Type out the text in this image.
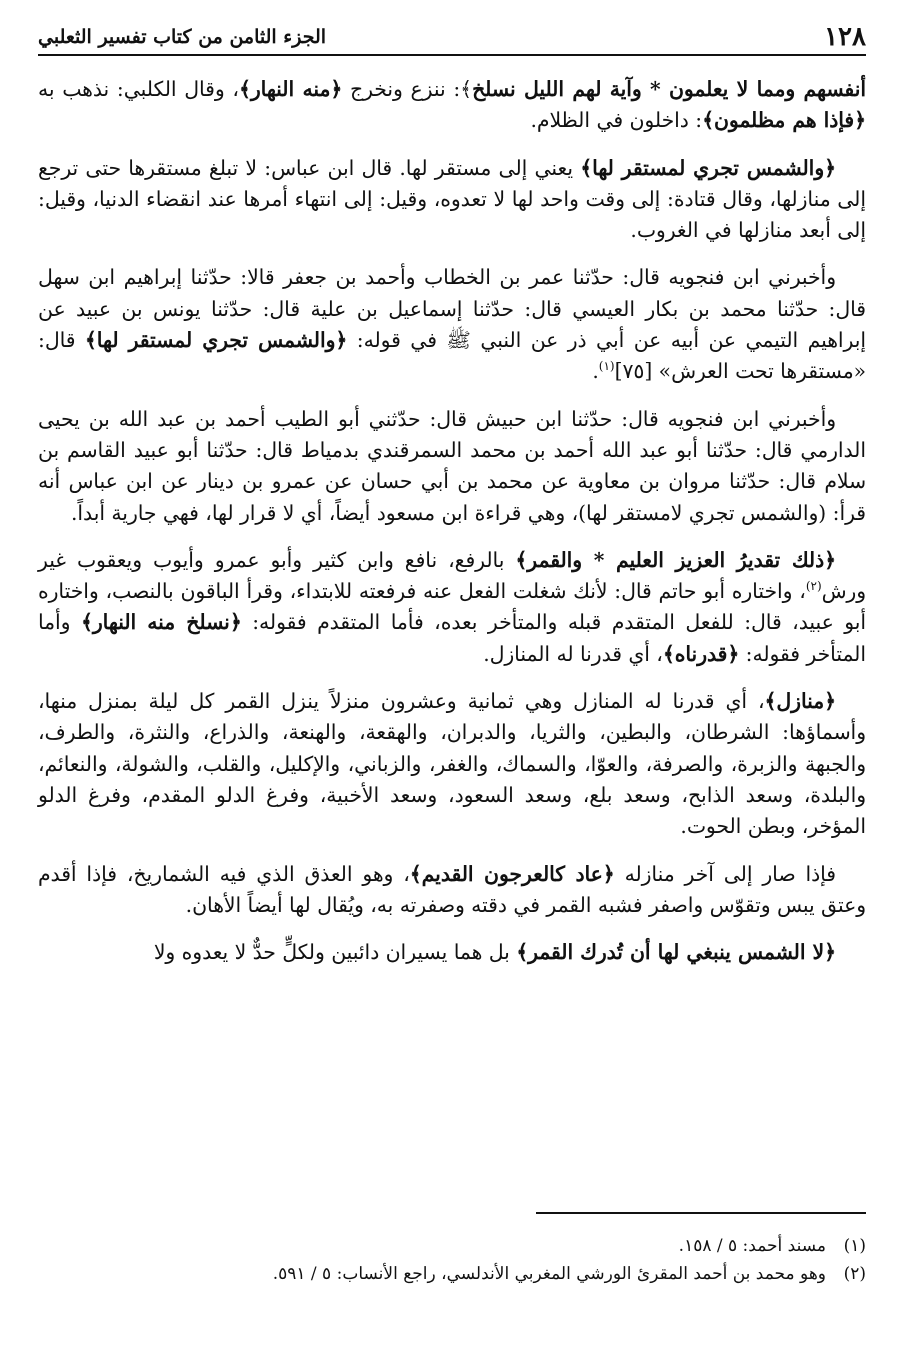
١٢٨
الجزء الثامن من كتاب تفسير الثعلبي

أنفسهم ومما لا يعلمون * وآية لهم الليل نسلخ﴾: ننزع ونخرج ﴿منه النهار﴾، وقال الكلبي: نذهب به ﴿فإذا هم مظلمون﴾: داخلون في الظلام.

﴿والشمس تجري لمستقر لها﴾ يعني إلى مستقر لها. قال ابن عباس: لا تبلغ مستقرها حتى ترجع إلى منازلها، وقال قتادة: إلى وقت واحد لها لا تعدوه، وقيل: إلى انتهاء أمرها عند انقضاء الدنيا، وقيل: إلى أبعد منازلها في الغروب.

وأخبرني ابن فنجويه قال: حدّثنا عمر بن الخطاب وأحمد بن جعفر قالا: حدّثنا إبراهيم ابن سهل قال: حدّثنا محمد بن بكار العيسي قال: حدّثنا إسماعيل بن علية قال: حدّثنا يونس بن عبيد عن إبراهيم التيمي عن أبيه عن أبي ذر عن النبي ﷺ في قوله: ﴿والشمس تجري لمستقر لها﴾ قال: «مستقرها تحت العرش» [٧٥]$^{(١)}$.

وأخبرني ابن فنجويه قال: حدّثنا ابن حبيش قال: حدّثني أبو الطيب أحمد بن عبد الله بن يحيى الدارمي قال: حدّثنا أبو عبد الله أحمد بن محمد السمرقندي بدمياط قال: حدّثنا أبو عبيد القاسم بن سلام قال: حدّثنا مروان بن معاوية عن محمد بن أبي حسان عن عمرو بن دينار عن ابن عباس أنه قرأ: (والشمس تجري لامستقر لها)، وهي قراءة ابن مسعود أيضاً، أي لا قرار لها، فهي جارية أبداً.

﴿ذلك تقديرُ العزيز العليم * والقمر﴾ بالرفع، نافع وابن كثير وأبو عمرو وأيوب ويعقوب غير ورش$^{(٢)}$، واختاره أبو حاتم قال: لأنك شغلت الفعل عنه فرفعته للابتداء، وقرأ الباقون بالنصب، واختاره أبو عبيد، قال: للفعل المتقدم قبله والمتأخر بعده، فأما المتقدم فقوله: ﴿نسلخ منه النهار﴾ وأما المتأخر فقوله: ﴿قدرناه﴾، أي قدرنا له المنازل.

﴿منازل﴾، أي قدرنا له المنازل وهي ثمانية وعشرون منزلاً ينزل القمر كل ليلة بمنزل منها، وأسماؤها: الشرطان، والبطين، والثريا، والدبران، والهقعة، والهنعة، والذراع، والنثرة، والطرف، والجبهة والزبرة، والصرفة، والعوّا، والسماك، والغفر، والزباني، والإكليل، والقلب، والشولة، والنعائم، والبلدة، وسعد الذابح، وسعد بلع، وسعد السعود، وسعد الأخبية، وفرغ الدلو المقدم، وفرغ الدلو المؤخر، وبطن الحوت.

فإذا صار إلى آخر منازله ﴿عاد كالعرجون القديم﴾، وهو العذق الذي فيه الشماريخ، فإذا أقدم وعتق يبس وتقوّس واصفر فشبه القمر في دقته وصفرته به، ويُقال لها أيضاً الأهان.

﴿لا الشمس ينبغي لها أن تُدرك القمر﴾ بل هما يسيران دائبين ولكلٍّ حدٌّ لا يعدوه ولا

(١)
مسند أحمد: ٥ / ١٥٨.
(٢)
وهو محمد بن أحمد المقرئ الورشي المغربي الأندلسي، راجع الأنساب: ٥ / ٥٩١.
